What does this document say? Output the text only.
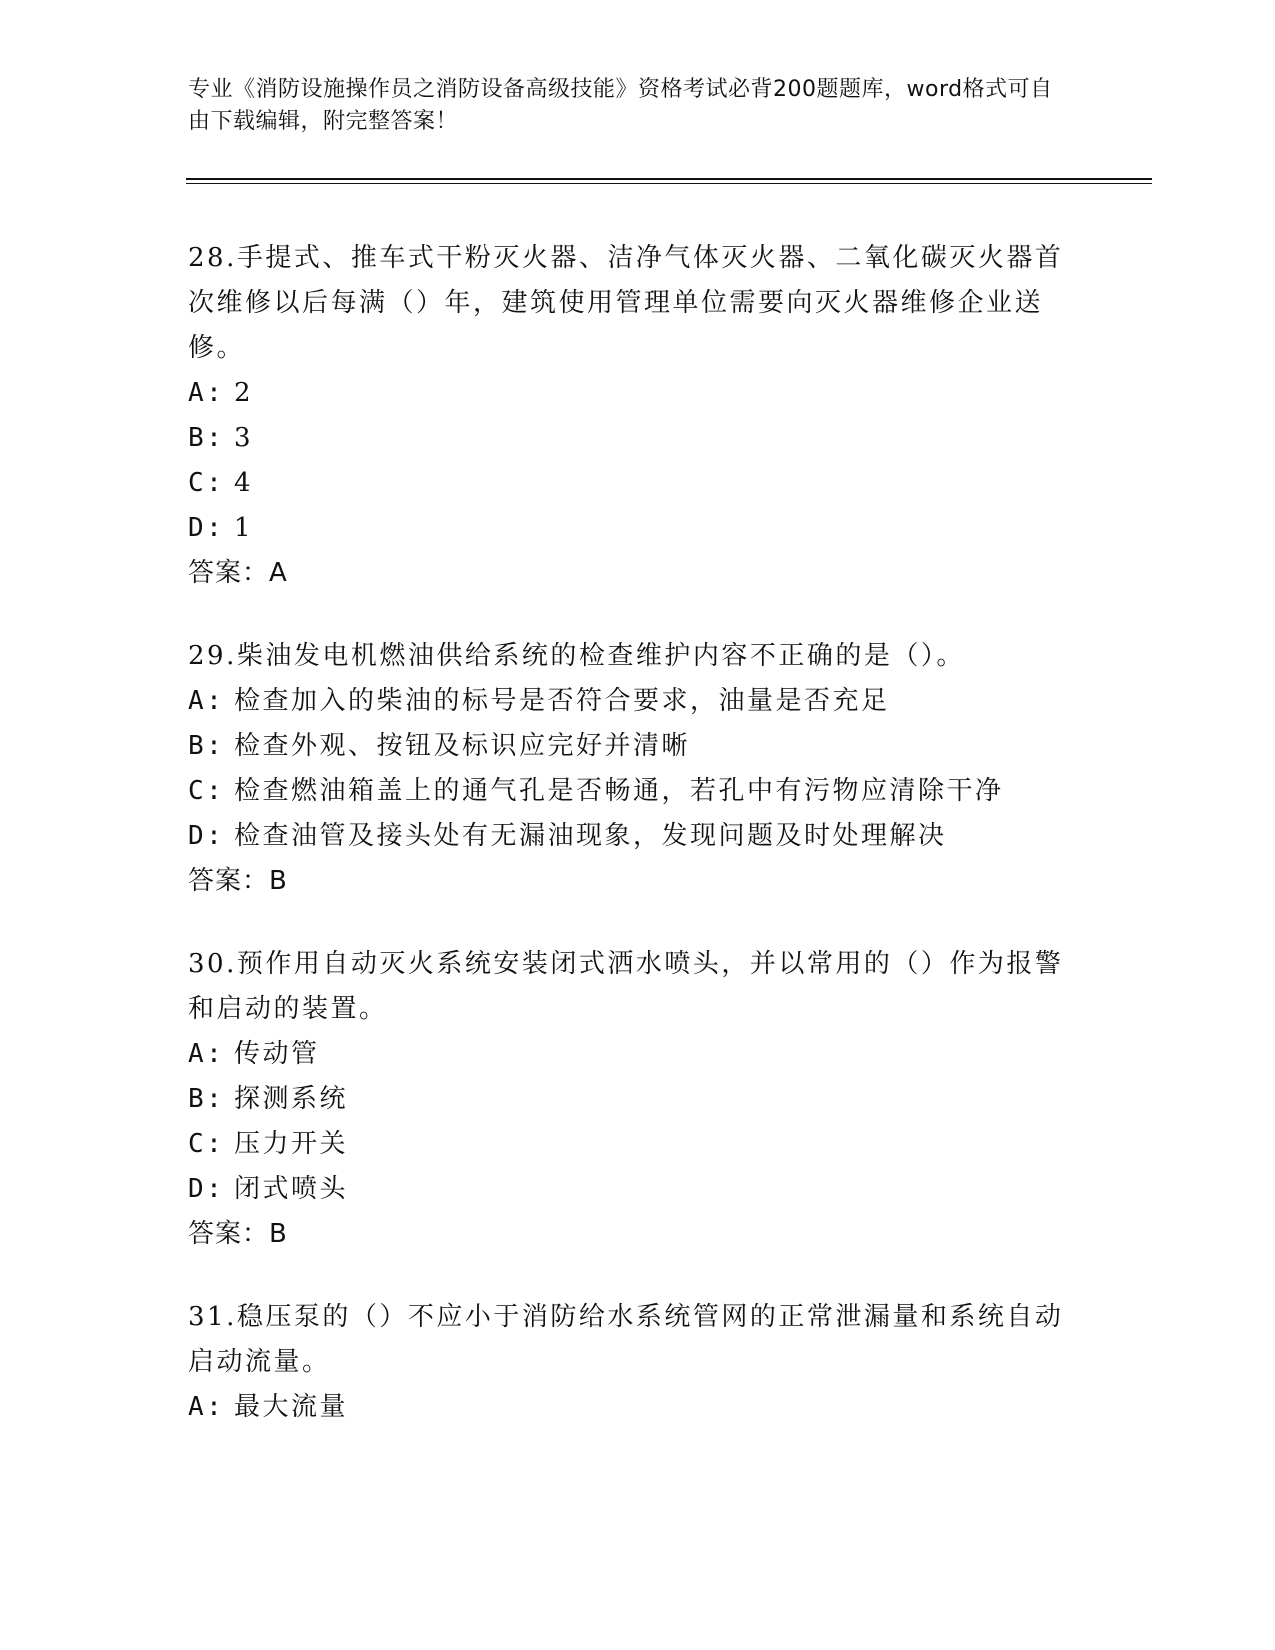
专业《消防设施操作员之消防设备高级技能》资格考试必背200题题库，word格式可自由下载编辑，附完整答案！

28.手提式、推车式干粉灭火器、洁净气体灭火器、二氧化碳灭火器首次维修以后每满（）年，建筑使用管理单位需要向灭火器维修企业送修。

A: 2

B: 3

C: 4

D: 1

答案：A

29.柴油发电机燃油供给系统的检查维护内容不正确的是（）。

A: 检查加入的柴油的标号是否符合要求，油量是否充足

B: 检查外观、按钮及标识应完好并清晰

C: 检查燃油箱盖上的通气孔是否畅通，若孔中有污物应清除干净

D: 检查油管及接头处有无漏油现象，发现问题及时处理解决

答案：B

30.预作用自动灭火系统安装闭式洒水喷头，并以常用的（）作为报警和启动的装置。

A: 传动管

B: 探测系统

C: 压力开关

D: 闭式喷头

答案：B

31.稳压泵的（）不应小于消防给水系统管网的正常泄漏量和系统自动启动流量。

A: 最大流量
